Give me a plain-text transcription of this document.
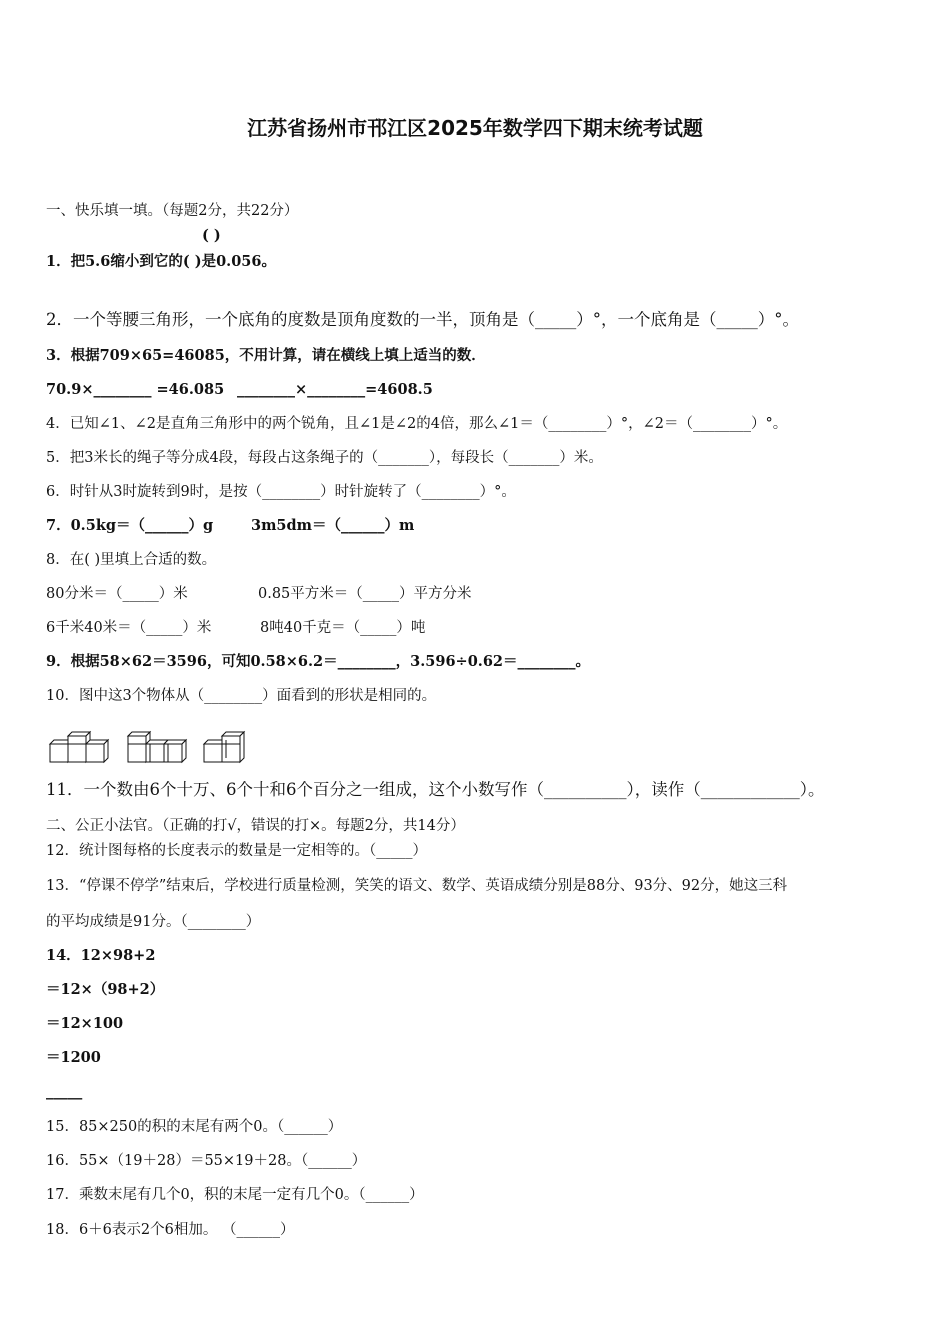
江苏省扬州市邗江区2025年数学四下期末统考试题
一、快乐填一填。（每题2分，共22分）
( )
1．把5.6缩小到它的( )是0.056。
2．一个等腰三角形，一个底角的度数是顶角度数的一半，顶角是（_____）°，一个底角是（_____）°。
3．根据709×65=46085，不用计算，请在横线上填上适当的数．
70.9×________ =46.085 ________×________=4608.5
4．已知∠1、∠2是直角三角形中的两个锐角，且∠1是∠2的4倍，那么∠1＝（________）°，∠2＝（________）°。
5．把3米长的绳子等分成4段，每段占这条绳子的（_______），每段长（_______）米。
6．时针从3时旋转到9时，是按（________）时针旋转了（________）°。
7．0.5kg＝（______）g	3m5dm＝（______）m
8．在( )里填上合适的数。
80分米＝（_____）米	0.85平方米＝（_____）平方分米
6千米40米＝（_____）米	8吨40千克＝（_____）吨
9．根据58×62＝3596，可知0.58×6.2＝________，3.596÷0.62＝________。
10．图中这3个物体从（________）面看到的形状是相同的。
11．一个数由6个十万、6个十和6个百分之一组成，这个小数写作（__________），读作（____________）。
二、公正小法官。（正确的打√，错误的打×。每题2分，共14分）
12．统计图每格的长度表示的数量是一定相等的。（_____）
13．“停课不停学”结束后，学校进行质量检测，笑笑的语文、数学、英语成绩分别是88分、93分、92分，她这三科
的平均成绩是91分。（________）
14．12×98+2
＝12×（98+2）
＝12×100
＝1200
_____
15．85×250的积的末尾有两个0。（______）
16．55×（19＋28）＝55×19＋28。（______）
17．乘数末尾有几个0，积的末尾一定有几个0。（______）
18．6＋6表示2个6相加。 （______）
